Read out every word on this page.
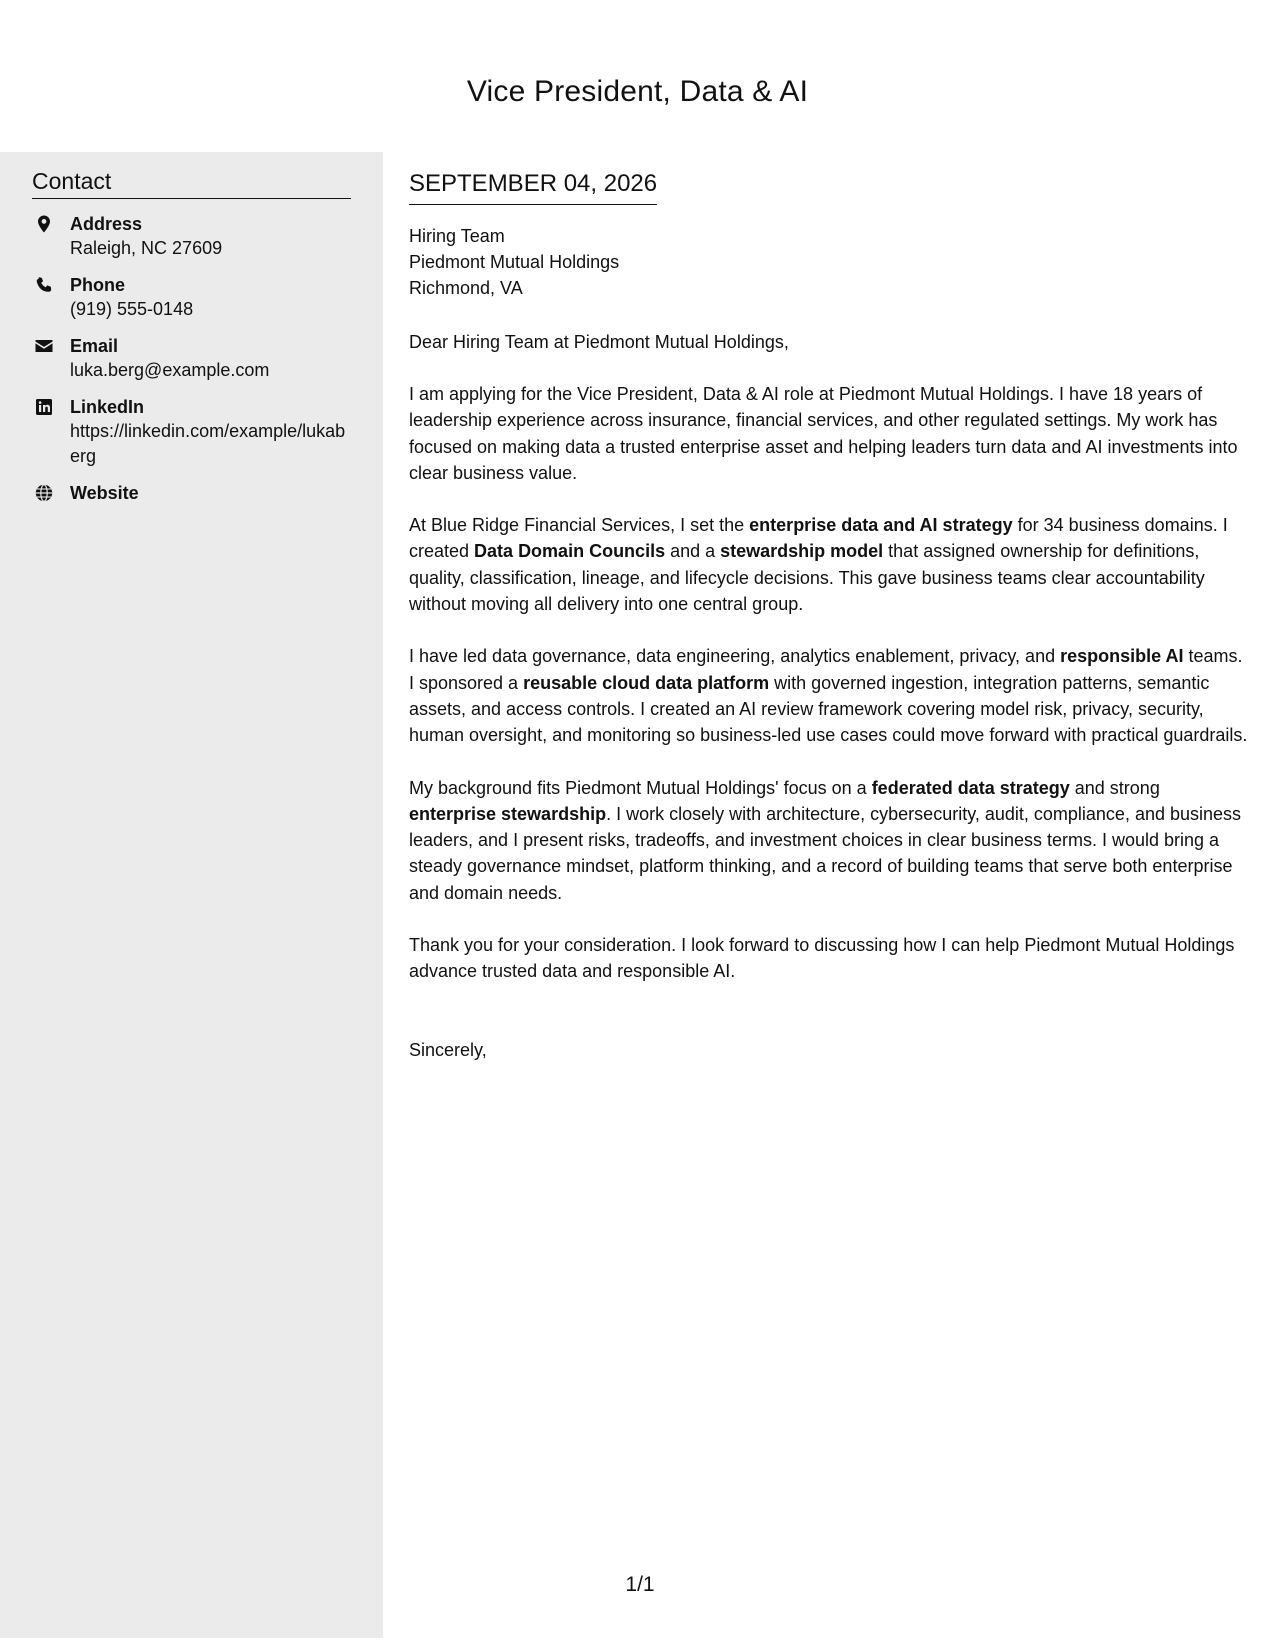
Vice President, Data & AI
Contact
Address
Raleigh, NC 27609
Phone
(919) 555-0148
Email
luka.berg@example.com
LinkedIn
https://linkedin.com/example/lukaberg
Website
SEPTEMBER 04, 2026
Hiring Team
Piedmont Mutual Holdings
Richmond, VA
Dear Hiring Team at Piedmont Mutual Holdings,

I am applying for the Vice President, Data & AI role at Piedmont Mutual Holdings. I have 18 years of leadership experience across insurance, financial services, and other regulated settings. My work has focused on making data a trusted enterprise asset and helping leaders turn data and AI investments into clear business value.

At Blue Ridge Financial Services, I set the enterprise data and AI strategy for 34 business domains. I created Data Domain Councils and a stewardship model that assigned ownership for definitions, quality, classification, lineage, and lifecycle decisions. This gave business teams clear accountability without moving all delivery into one central group.

I have led data governance, data engineering, analytics enablement, privacy, and responsible AI teams. I sponsored a reusable cloud data platform with governed ingestion, integration patterns, semantic assets, and access controls. I created an AI review framework covering model risk, privacy, security, human oversight, and monitoring so business-led use cases could move forward with practical guardrails.

My background fits Piedmont Mutual Holdings' focus on a federated data strategy and strong enterprise stewardship. I work closely with architecture, cybersecurity, audit, compliance, and business leaders, and I present risks, tradeoffs, and investment choices in clear business terms. I would bring a steady governance mindset, platform thinking, and a record of building teams that serve both enterprise and domain needs.

Thank you for your consideration. I look forward to discussing how I can help Piedmont Mutual Holdings advance trusted data and responsible AI.

Sincerely,
1/1
